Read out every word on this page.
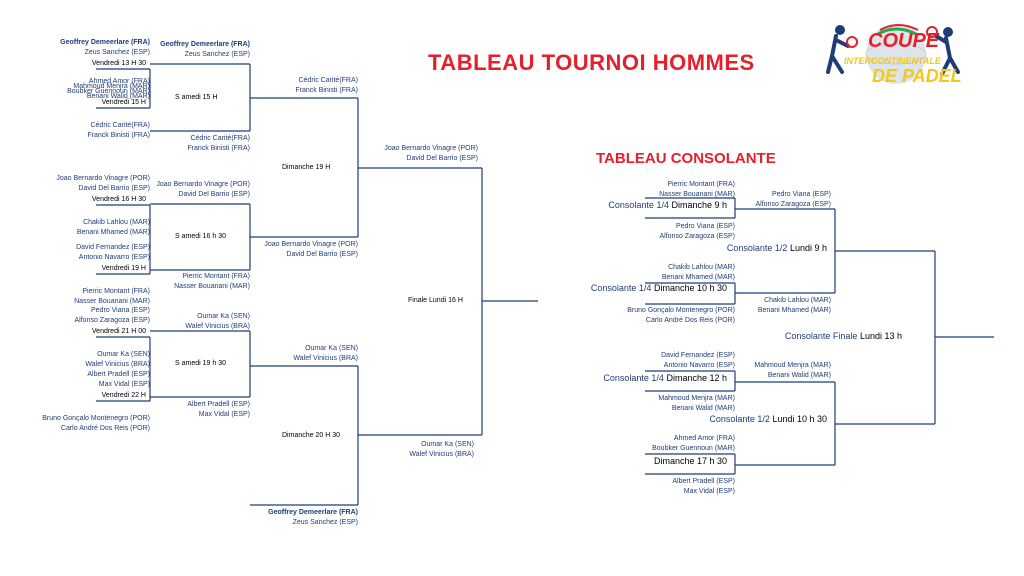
TABLEAU TOURNOI HOMMES
TABLEAU CONSOLANTE
COUPE
INTERCONTINENTALE
DE PADEL
Geoffrey Demeerlare (FRA)
Zeus Sanchez (ESP)
Vendredi 13 H 30
Mahmoud Menjra (MAR)
Benani Walid (MAR)
Ahmed Amor (FRA)
Boubker Guennoun (MAR)
Vendredi 15 H
Cédric Carité(FRA)
Franck Binisti (FRA)
Joao Bernardo Vinagre (POR)
David Del Barrio (ESP)
Vendredi 16 H 30
Chakib Lahlou (MAR)
Benani Mhamed (MAR)
David Fernandez (ESP)
Antonio Navarro (ESP)
Vendredi 19 H
Pierric Montant (FRA)
Nasser Bouanani (MAR)
Pedro Viana (ESP)
Alfonso Zaragoza (ESP)
Vendredi 21 H 00
Oumar Ka (SEN)
Walef Vinicius (BRA)
Albert Pradell (ESP)
Max Vidal (ESP)
Vendredi 22 H
Bruno Gonçalo Montenegro (POR)
Carlo André Dos Reis (POR)
Geoffrey Demeerlare (FRA)
Zeus Sanchez (ESP)
Cédric Carité(FRA)
Franck Binisti (FRA)
Joao Bernardo Vinagre (POR)
David Del Barrio (ESP)
Pierric Montant (FRA)
Nasser Bouanani (MAR)
Oumar Ka (SEN)
Walef Vinicius (BRA)
Albert Pradell (ESP)
Max Vidal (ESP)
S amedi 15 H
S amedi 16 h 30
S amedi 19 h 30
Dimanche 19 H
Dimanche 20 H 30
Cédric Carité(FRA)
Franck Binisti (FRA)
Joao Bernardo Vinagre (POR)
David Del Barrio (ESP)
Oumar Ka (SEN)
Walef Vinicius (BRA)
Geoffrey Demeerlare (FRA)
Zeus Sanchez (ESP)
Joao Bernardo Vinagre (POR)
David Del Barrio (ESP)
Oumar Ka (SEN)
Walef Vinicius (BRA)
Finale Lundi 16 H
Pierric Montant (FRA)
Nasser Bouanani (MAR)
Consolante 1/4 Dimanche 9 h
Pedro Viana (ESP)
Alfonso Zaragoza (ESP)
Chakib Lahlou (MAR)
Benani Mhamed (MAR)
Consolante 1/4 Dimanche 10 h 30
Bruno Gonçalo Montenegro (POR)
Carlo André Dos Reis (POR)
David Fernandez (ESP)
Antonio Navarro (ESP)
Consolante 1/4 Dimanche 12 h
Mahmoud Menjra (MAR)
Benani Walid (MAR)
Ahmed Amor (FRA)
Boubker Guennoun (MAR)
Dimanche 17 h 30
Albert Pradell (ESP)
Max Vidal (ESP)
Consolante 1/2 Lundi 9 h
Pedro Viana (ESP)
Alfonso Zaragoza (ESP)
Chakib Lahlou (MAR)
Benani Mhamed (MAR)
Consolante 1/2 Lundi 10 h 30
Mahmoud Menjra (MAR)
Benani Walid (MAR)
Consolante Finale Lundi 13 h
